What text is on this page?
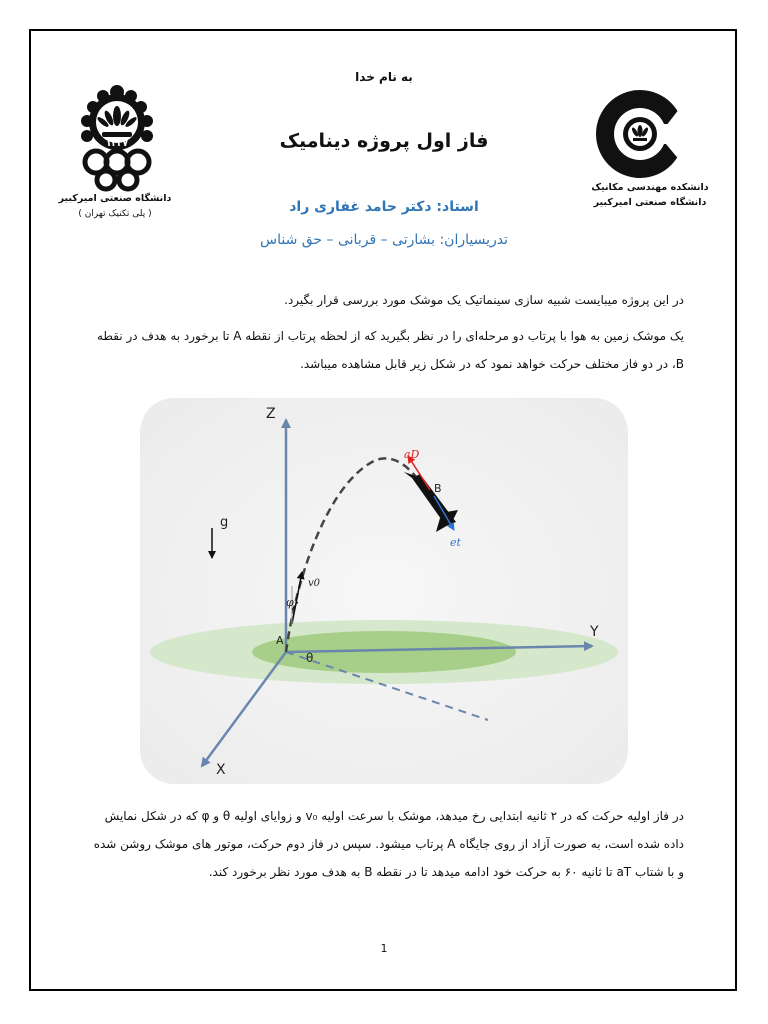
به نام خدا
فاز اول پروژه دینامیک
استاد: دکتر حامد غفاری راد
تدریسیاران: بشارتی – قربانی – حق شناس
۱۳۳۷
دانشگاه صنعتی امیرکبیر
( پلی تکنیک تهران )
دانشکده مهندسی مکانیک
دانشگاه صنعتی امیرکبیر
در این پروژه میبایست شبیه سازی سینماتیک یک موشک مورد بررسی قرار بگیرد.
یک موشک زمین به هوا با پرتاب دو مرحله‌ای را در نظر بگیرید که از لحظه پرتاب از نقطه A تا برخورد به هدف در نقطه B، در دو فاز مختلف حرکت خواهد نمود که در شکل زیر قابل مشاهده میباشد.
Z
Y
X
g
A
B
v0
φ
θ
aD
et
در فاز اولیه حرکت که در ۲ ثانیه ابتدایی رخ میدهد، موشک با سرعت اولیه v₀ و زوایای اولیه θ و φ که در شکل نمایش داده شده است، به صورت آزاد از روی جایگاه A پرتاب میشود. سپس در فاز دوم حرکت، موتور های موشک روشن شده و با شتاب aT تا ثانیه ۶۰ به حرکت خود ادامه میدهد تا در نقطه B به هدف مورد نظر برخورد کند.
1
